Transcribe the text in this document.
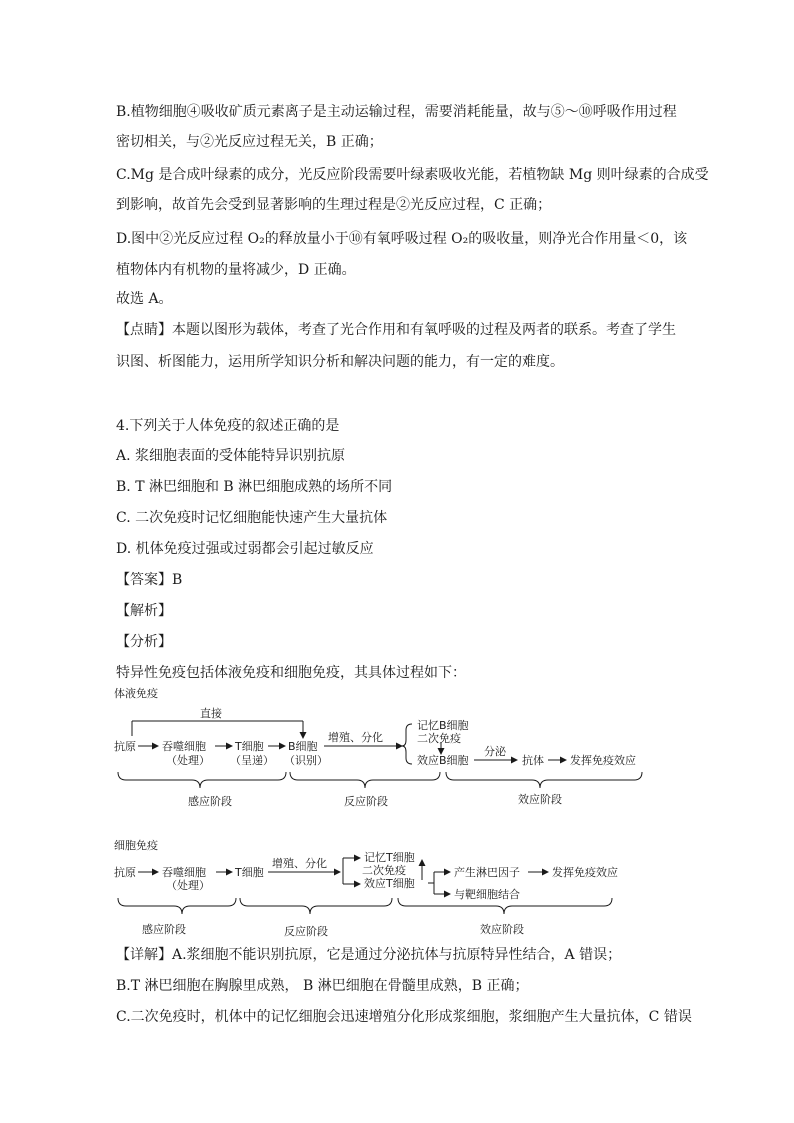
B.植物细胞④吸收矿质元素离子是主动运输过程，需要消耗能量，故与⑤～⑩呼吸作用过程
密切相关，与②光反应过程无关，B 正确；
C.Mg 是合成叶绿素的成分，光反应阶段需要叶绿素吸收光能，若植物缺 Mg 则叶绿素的合成受
到影响，故首先会受到显著影响的生理过程是②光反应过程，C 正确；
D.图中②光反应过程 O₂的释放量小于⑩有氧呼吸过程 O₂的吸收量，则净光合作用量＜0，该
植物体内有机物的量将减少，D 正确。
故选 A。
【点睛】本题以图形为载体，考查了光合作用和有氧呼吸的过程及两者的联系。考查了学生
识图、析图能力，运用所学知识分析和解决问题的能力，有一定的难度。
4.下列关于人体免疫的叙述正确的是
A. 浆细胞表面的受体能特异识别抗原
B. T 淋巴细胞和 B 淋巴细胞成熟的场所不同
C. 二次免疫时记忆细胞能快速产生大量抗体
D. 机体免疫过强或过弱都会引起过敏反应
【答案】B
【解析】
【分析】
特异性免疫包括体液免疫和细胞免疫，其具体过程如下：
体液免疫
直接
抗原 吞噬细胞
（处理）
T细胞
（呈递）
B细胞
（识别）
增殖、分化
记忆B细胞
二次免疫
效应B细胞
分泌
抗体 发挥免疫效应
感应阶段	反应阶段	效应阶段
细胞免疫
抗原 吞噬细胞
（处理）
T细胞
增殖、分化	记忆T细胞
二次免疫
效应T细胞
产生淋巴因子
与靶细胞结合
发挥免疫效应
感应阶段	反应阶段	效应阶段
【详解】A.浆细胞不能识别抗原，它是通过分泌抗体与抗原特异性结合，A 错误；
B.T 淋巴细胞在胸腺里成熟， B 淋巴细胞在骨髓里成熟，B 正确；
C.二次免疫时，机体中的记忆细胞会迅速增殖分化形成浆细胞，浆细胞产生大量抗体，C 错误
